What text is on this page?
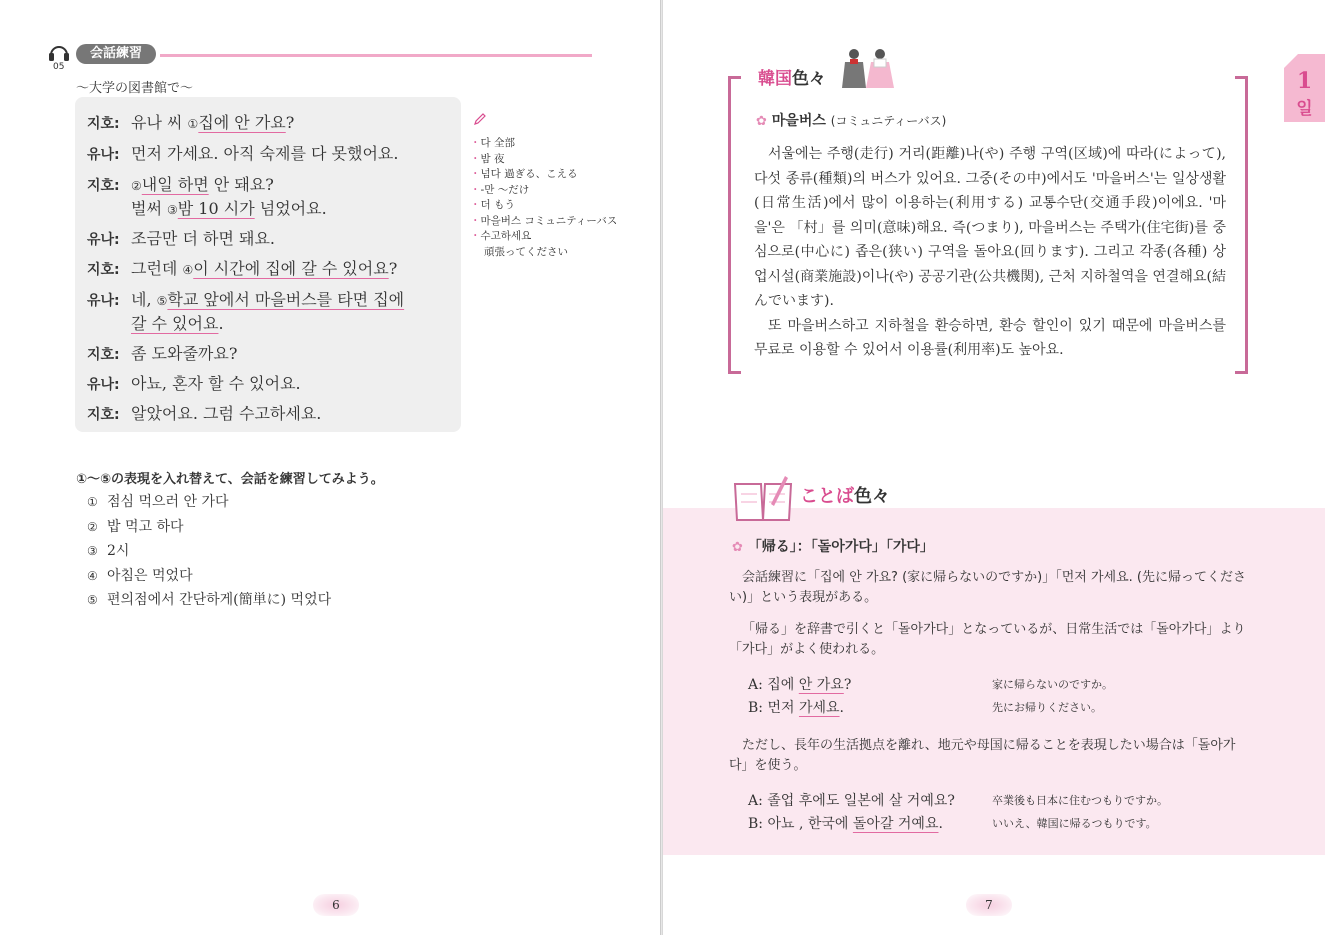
05
会話練習
〜大学の図書館で〜
지호: 유나 씨 ①집에 안 가요?
유나: 먼저 가세요. 아직 숙제를 다 못했어요.
지호: ②내일 하면 안 돼요?
벌써 ③밤 10 시가 넘었어요.
유나: 조금만 더 하면 돼요.
지호: 그런데 ④이 시간에 집에 갈 수 있어요?
유나: 네, ⑤학교 앞에서 마을버스를 타면 집에
갈 수 있어요.
지호: 좀 도와줄까요?
유나: 아뇨, 혼자 할 수 있어요.
지호: 알았어요. 그럼 수고하세요.
・다 全部
・밤 夜
・넘다 過ぎる、こえる
・-만 〜だけ
・더 もう
・마을버스 コミュニティーバス
・수고하세요
頑張ってください
①〜⑤の表現を入れ替えて、会話を練習してみよう。
① 점심 먹으러 안 가다
② 밥 먹고 하다
③ 2시
④ 아침은 먹었다
⑤ 편의점에서 간단하게(簡単に) 먹었다
6
韓国色々
✿ 마을버스 (コミュニティーバス)

서울에는 주행(走行) 거리(距離)나(や) 주행 구역(区域)에 따라(によって),다섯 종류(種類)의 버스가 있어요. 그중(その中)에서도 '마을버스'는 일상생활(日常生活)에서 많이 이용하는(利用する) 교통수단(交通手段)이에요. '마을'은 「村」를 의미(意味)해요. 즉(つまり), 마을버스는 주택가(住宅街)를 중심으로(中心に) 좁은(狭い) 구역을 돌아요(回ります). 그리고 각종(各種) 상업시설(商業施設)이나(や) 공공기관(公共機関), 근처 지하철역을 연결해요(結んでいます).

또 마을버스하고 지하철을 환승하면, 환승 할인이 있기 때문에 마을버스를 무료로 이용할 수 있어서 이용률(利用率)도 높아요.

1
일
ことば色々
✿ 「帰る」：「돌아가다」「가다」
会話練習に「집에 안 가요? (家に帰らないのですか)」「먼저 가세요. (先に帰ってください)」という表現がある。
「帰る」を辞書で引くと「돌아가다」となっているが、日常生活では「돌아가다」より「가다」がよく使われる。
A: 집에 안 가요?	家に帰らないのですか。
B: 먼저 가세요.	先にお帰りください。
ただし、長年の生活拠点を離れ、地元や母国に帰ることを表現したい場合は「돌아가다」を使う。
A: 졸업 후에도 일본에 살 거예요?	卒業後も日本に住むつもりですか。
B: 아뇨 , 한국에 돌아갈 거예요.	いいえ、韓国に帰るつもりです。
7
